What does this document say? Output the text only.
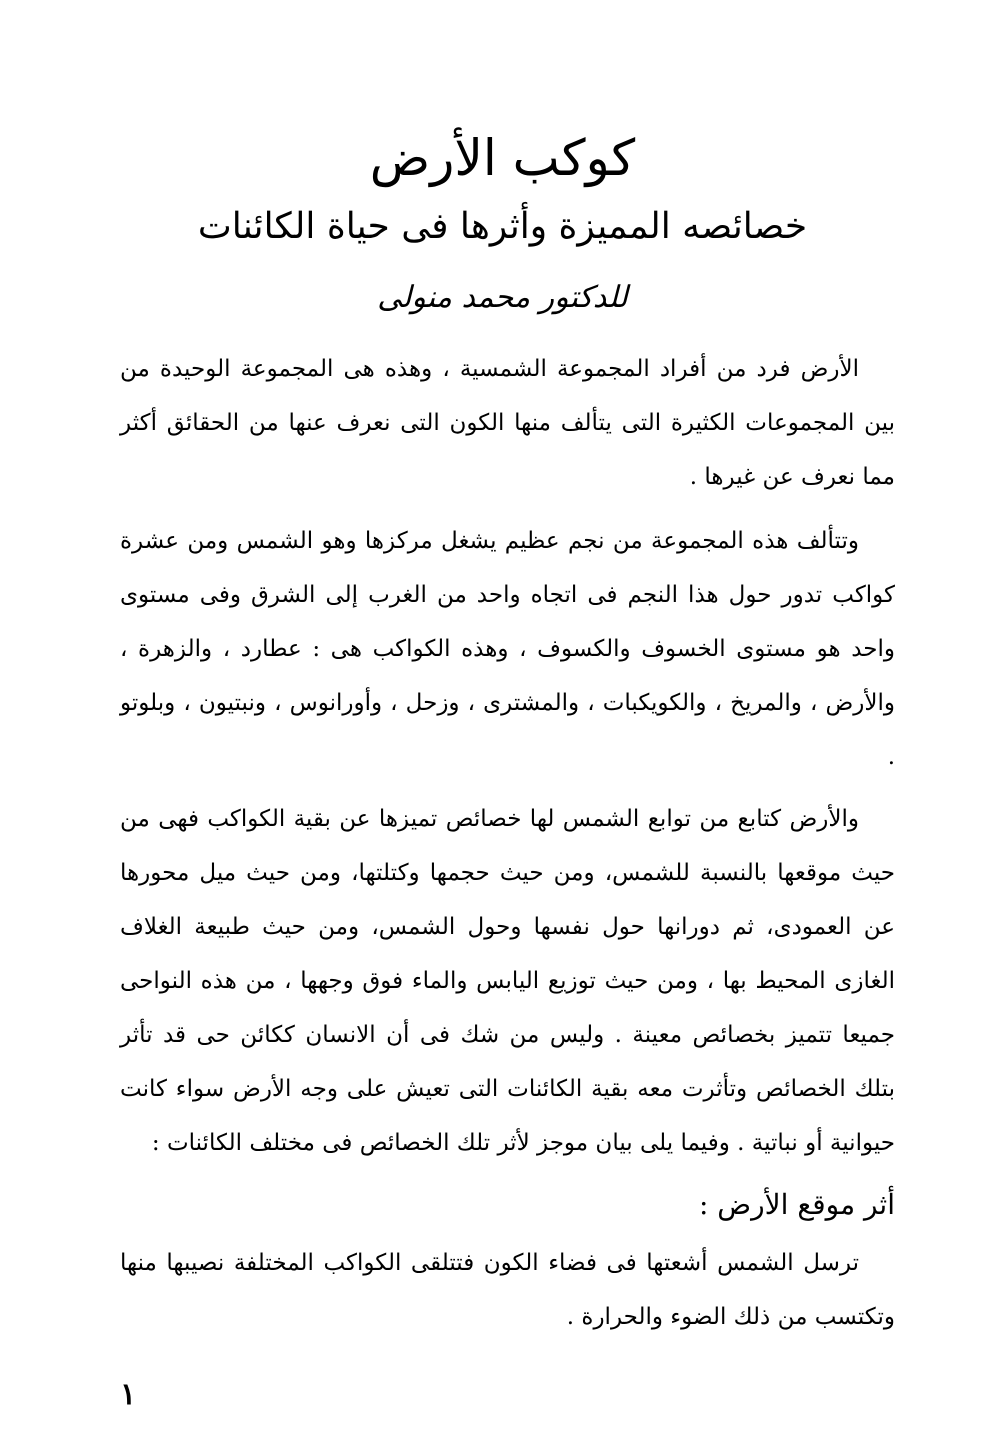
كوكب الأرض
خصائصه المميزة وأثرها فى حياة الكائنات
للدكتور محمد منولى

الأرض فرد من أفراد المجموعة الشمسية ، وهذه هى المجموعة الوحيدة من بين المجموعات الكثيرة التى يتألف منها الكون التى نعرف عنها من الحقائق أكثر مما نعرف عن غيرها .

وتتألف هذه المجموعة من نجم عظيم يشغل مركزها وهو الشمس ومن عشرة كواكب تدور حول هذا النجم فى اتجاه واحد من الغرب إلى الشرق وفى مستوى واحد هو مستوى الخسوف والكسوف ، وهذه الكواكب هى : عطارد ، والزهرة ، والأرض ، والمريخ ، والكويكبات ، والمشترى ، وزحل ، وأورانوس ، ونبتيون ، وبلوتو .

والأرض كتابع من توابع الشمس لها خصائص تميزها عن بقية الكواكب فهى من حيث موقعها بالنسبة للشمس، ومن حيث حجمها وكتلتها، ومن حيث ميل محورها عن العمودى، ثم دورانها حول نفسها وحول الشمس، ومن حيث طبيعة الغلاف الغازى المحيط بها ، ومن حيث توزيع اليابس والماء فوق وجهها ، من هذه النواحى جميعا تتميز بخصائص معينة . وليس من شك فى أن الانسان ككائن حى قد تأثر بتلك الخصائص وتأثرت معه بقية الكائنات التى تعيش على وجه الأرض سواء كانت حيوانية أو نباتية . وفيما يلى بيان موجز لأثر تلك الخصائص فى مختلف الكائنات :

أثر موقع الأرض :

ترسل الشمس أشعتها فى فضاء الكون فتتلقى الكواكب المختلفة نصيبها منها وتكتسب من ذلك الضوء والحرارة .

١
